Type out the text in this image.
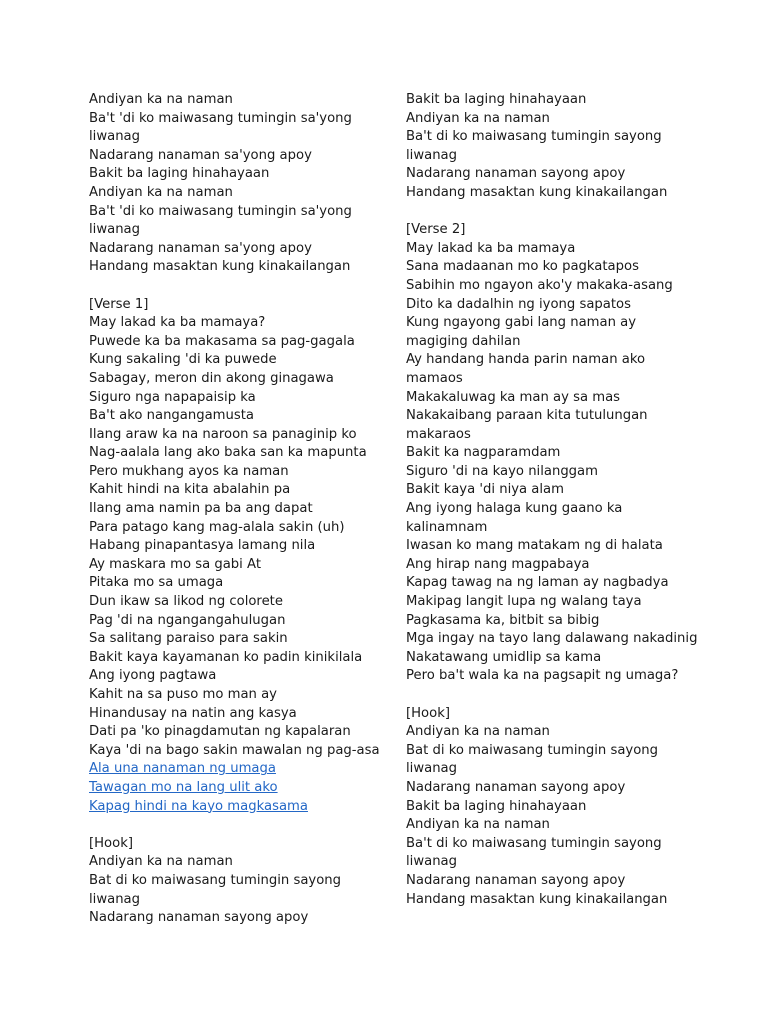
Andiyan ka na naman
Ba't 'di ko maiwasang tumingin sa'yong
liwanag
Nadarang nanaman sa'yong apoy
Bakit ba laging hinahayaan
Andiyan ka na naman
Ba't 'di ko maiwasang tumingin sa'yong
liwanag
Nadarang nanaman sa'yong apoy
Handang masaktan kung kinakailangan
[Verse 1]
May lakad ka ba mamaya?
Puwede ka ba makasama sa pag-gagala
Kung sakaling 'di ka puwede
Sabagay, meron din akong ginagawa
Siguro nga napapaisip ka
Ba't ako nangangamusta
Ilang araw ka na naroon sa panaginip ko
Nag-aalala lang ako baka san ka mapunta
Pero mukhang ayos ka naman
Kahit hindi na kita abalahin pa
Ilang ama namin pa ba ang dapat
Para patago kang mag-alala sakin (uh)
Habang pinapantasya lamang nila
Ay maskara mo sa gabi At
Pitaka mo sa umaga
Dun ikaw sa likod ng colorete
Pag 'di na ngangangahulugan
Sa salitang paraiso para sakin
Bakit kaya kayamanan ko padin kinikilala
Ang iyong pagtawa
Kahit na sa puso mo man ay
Hinandusay na natin ang kasya
Dati pa 'ko pinagdamutan ng kapalaran
Kaya 'di na bago sakin mawalan ng pag-asa
Ala una nanaman ng umaga
Tawagan mo na lang ulit ako
Kapag hindi na kayo magkasama
[Hook]
Andiyan ka na naman
Bat di ko maiwasang tumingin sayong
liwanag
Nadarang nanaman sayong apoy
Bakit ba laging hinahayaan
Andiyan ka na naman
Ba't di ko maiwasang tumingin sayong
liwanag
Nadarang nanaman sayong apoy
Handang masaktan kung kinakailangan
[Verse 2]
May lakad ka ba mamaya
Sana madaanan mo ko pagkatapos
Sabihin mo ngayon ako'y makaka-asang
Dito ka dadalhin ng iyong sapatos
Kung ngayong gabi lang naman ay
magiging dahilan
Ay handang handa parin naman ako
mamaos
Makakaluwag ka man ay sa mas
Nakakaibang paraan kita tutulungan
makaraos
Bakit ka nagparamdam
Siguro 'di na kayo nilanggam
Bakit kaya 'di niya alam
Ang iyong halaga kung gaano ka
kalinamnam
Iwasan ko mang matakam ng di halata
Ang hirap nang magpabaya
Kapag tawag na ng laman ay nagbadya
Makipag langit lupa ng walang taya
Pagkasama ka, bitbit sa bibig
Mga ingay na tayo lang dalawang nakadinig
Nakatawang umidlip sa kama
Pero ba't wala ka na pagsapit ng umaga?
[Hook]
Andiyan ka na naman
Bat di ko maiwasang tumingin sayong
liwanag
Nadarang nanaman sayong apoy
Bakit ba laging hinahayaan
Andiyan ka na naman
Ba't di ko maiwasang tumingin sayong
liwanag
Nadarang nanaman sayong apoy
Handang masaktan kung kinakailangan
